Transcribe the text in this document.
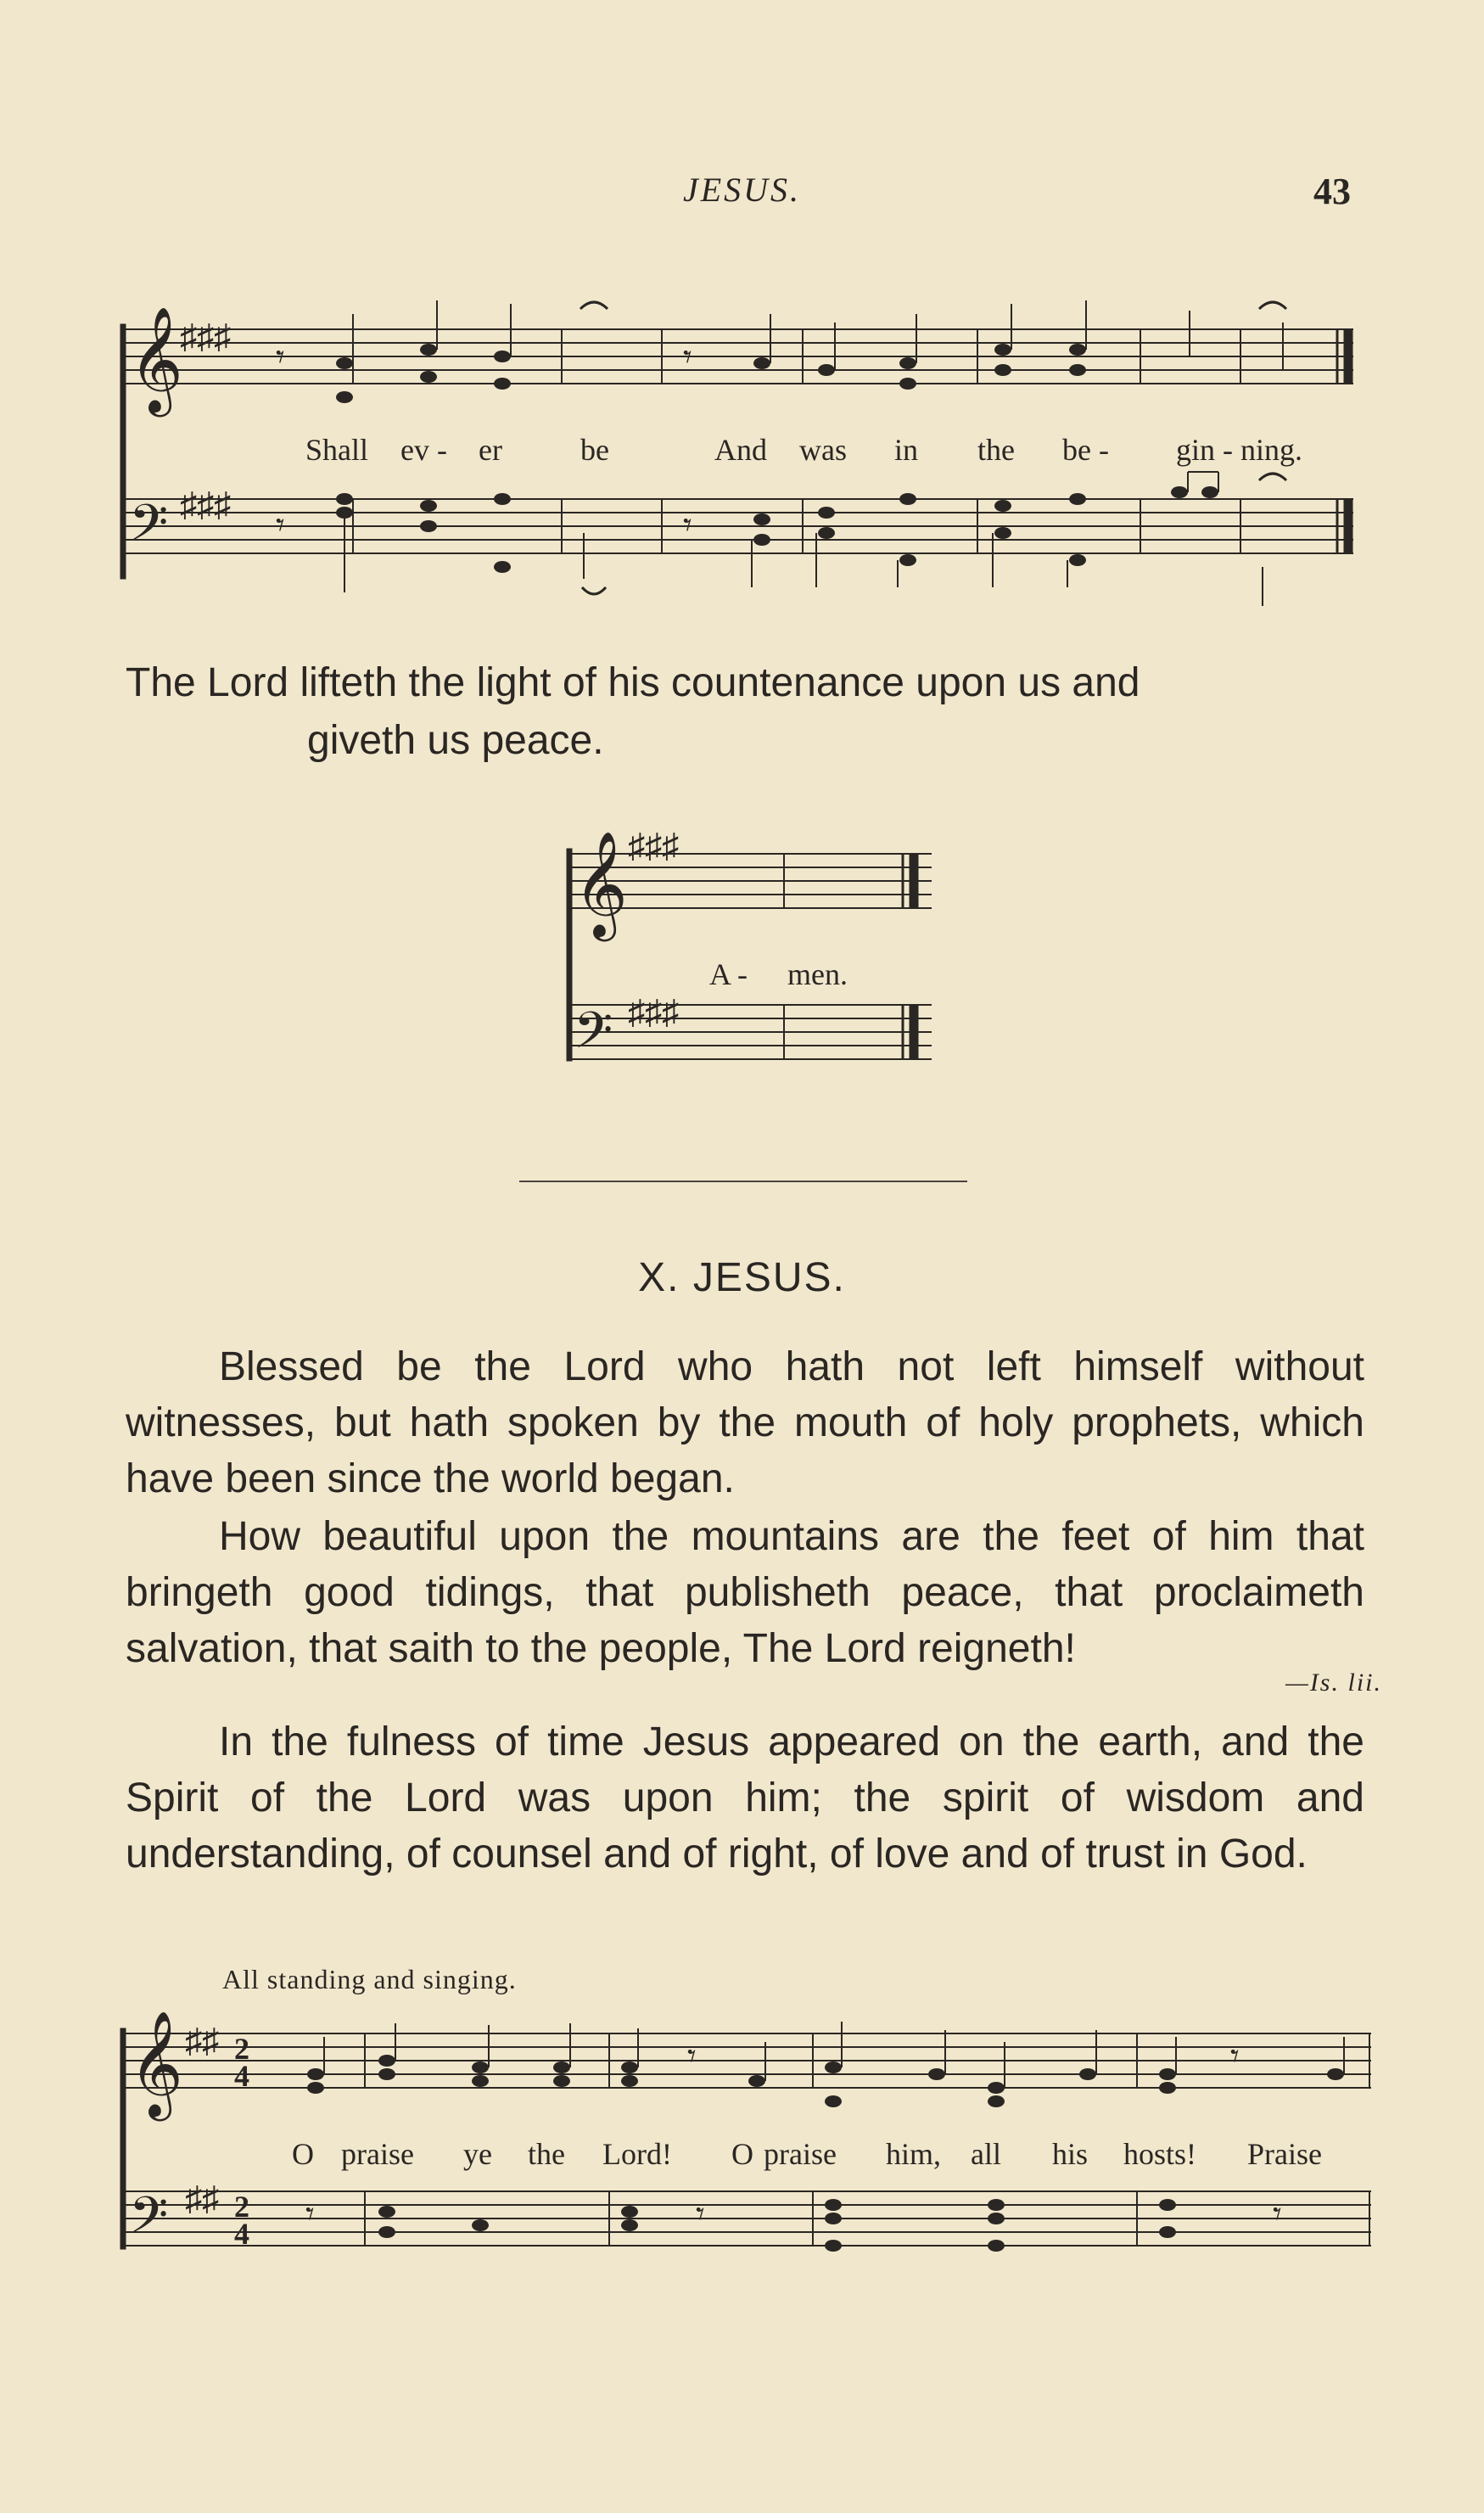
JESUS.	43
𝄞
𝄢
♯♯♯
♯♯♯
𝄾
𝄾
𝄾
𝄾
Shall ev - er	be	And was in the be - gin - ning.
The Lord lifteth the light of his countenance upon us and
giveth us peace.
𝄞
𝄢
♯♯♯
♯♯♯
A - men.
X. JESUS.
Blessed be the Lord who hath not left himself without witnesses, but hath spoken by the mouth of holy prophets, which have been since the world began.
How beautiful upon the mountains are the feet of him that bringeth good tidings, that publisheth peace, that proclaimeth salvation, that saith to the people, The Lord reigneth!
—Is. lii.
In the fulness of time Jesus appeared on the earth, and the Spirit of the Lord was upon him; the spirit of wisdom and understanding, of counsel and of right, of love and of trust in God.
All standing and singing.
𝄞
𝄢
♯♯
♯♯
2
4
2
4
𝄾	𝄾	𝄾
𝄾	𝄾
O praise ye the Lord! O praise him, all his hosts! Praise
